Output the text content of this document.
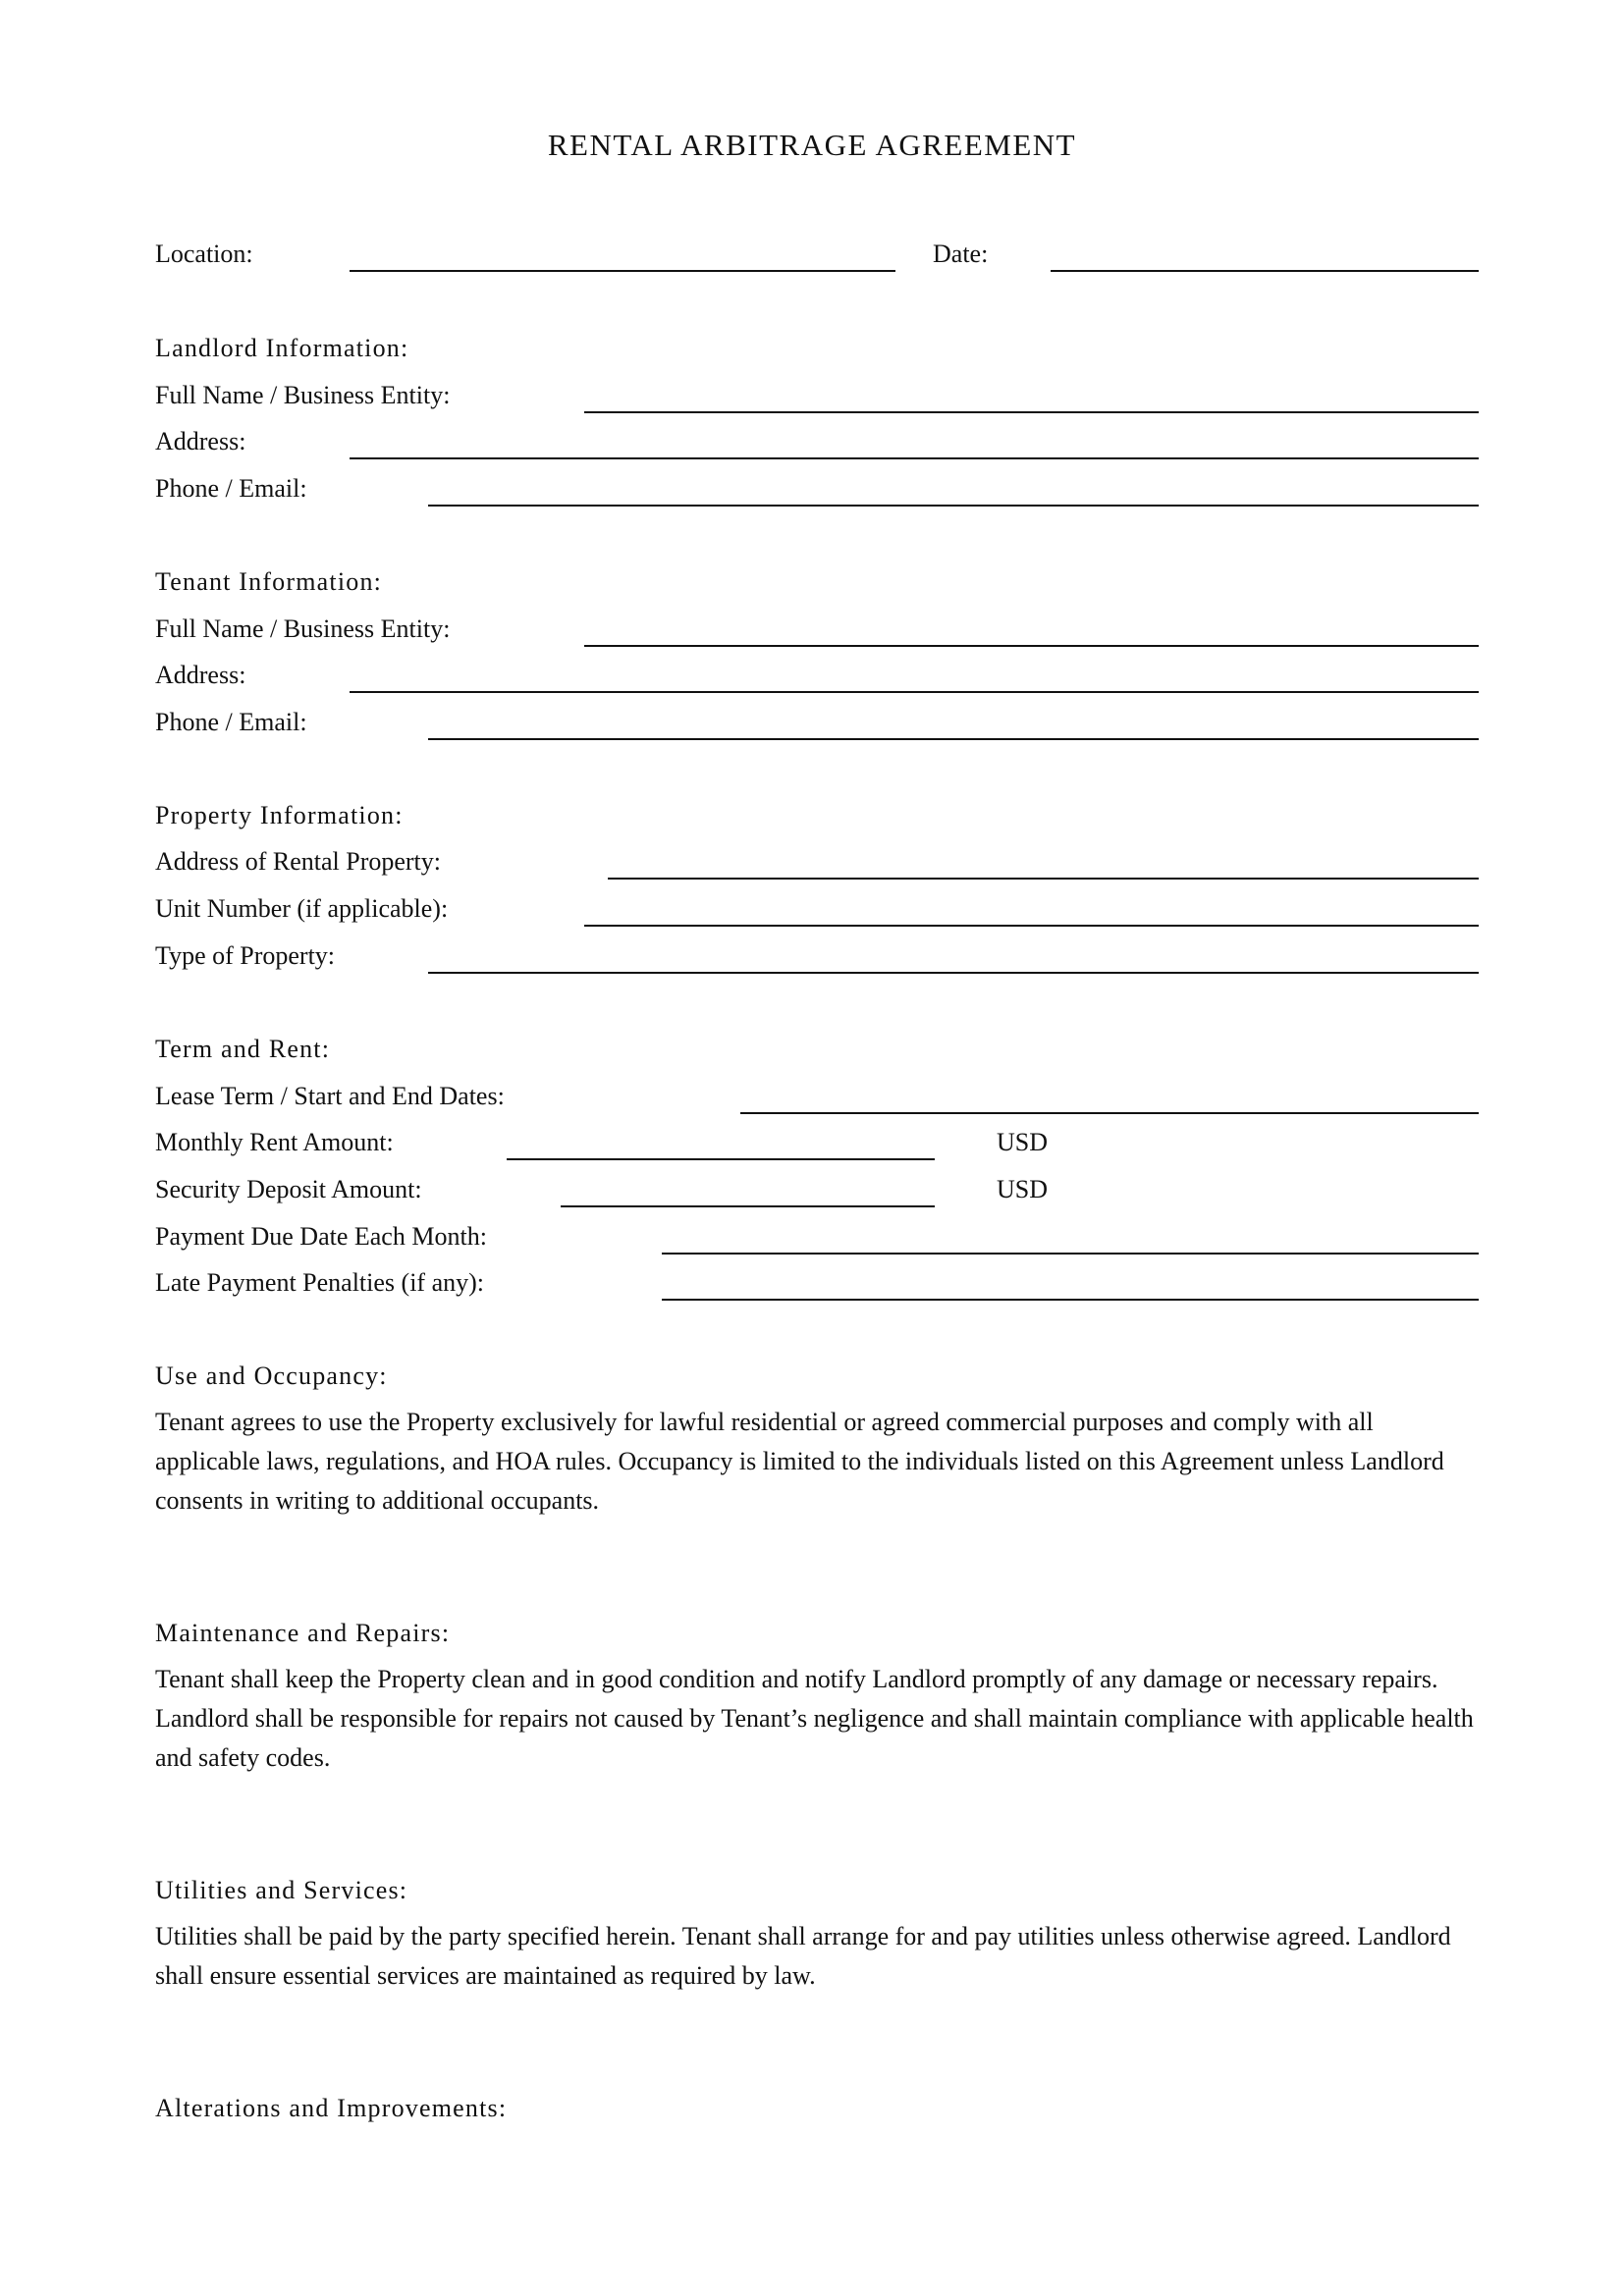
RENTAL ARBITRAGE AGREEMENT
Location:	Date:
Landlord Information:
Full Name / Business Entity:
Address:
Phone / Email:
Tenant Information:
Full Name / Business Entity:
Address:
Phone / Email:
Property Information:
Address of Rental Property:
Unit Number (if applicable):
Type of Property:
Term and Rent:
Lease Term / Start and End Dates:
Monthly Rent Amount:	USD
Security Deposit Amount:	USD
Payment Due Date Each Month:
Late Payment Penalties (if any):
Use and Occupancy:
Tenant agrees to use the Property exclusively for lawful residential or agreed commercial purposes and comply with all applicable laws, regulations, and HOA rules. Occupancy is limited to the individuals listed on this Agreement unless Landlord consents in writing to additional occupants.
Maintenance and Repairs:
Tenant shall keep the Property clean and in good condition and notify Landlord promptly of any damage or necessary repairs. Landlord shall be responsible for repairs not caused by Tenant’s negligence and shall maintain compliance with applicable health and safety codes.
Utilities and Services:
Utilities shall be paid by the party specified herein. Tenant shall arrange for and pay utilities unless otherwise agreed. Landlord shall ensure essential services are maintained as required by law.
Alterations and Improvements:
